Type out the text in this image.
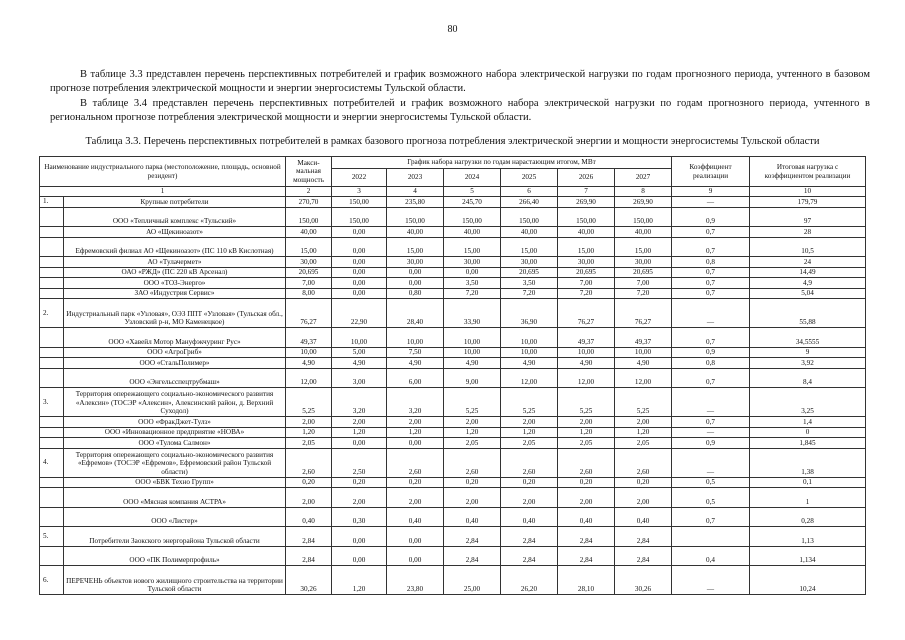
80
В таблице 3.3 представлен перечень перспективных потребителей и график возможного набора электрической нагрузки по годам прогнозного периода, учтенного в базовом прогнозе потребления электрической мощности и энергии энергосистемы Тульской области.
В таблице 3.4 представлен перечень перспективных потребителей и график возможного набора электрической нагрузки по годам прогнозного периода, учтенного в региональном прогнозе потребления электрической мощности и энергии энергосистемы Тульской области.
Таблица 3.3. Перечень перспективных потребителей в рамках базового прогноза потребления электрической энергии и мощности энергосистемы Тульской области
Наименование индустриального парка (местоположение, площадь, основной резидент)		Макси-мальная мощность	График набора нагрузки по годам нарастающим итогом, МВт						Коэффициент реализации	Итоговая нагрузка с коэффициентом реализации
			2022	2023	2024	2025	2026	2027		
1		2	3	4	5	6	7	8	9	10
1.	Крупные потребители	270,70	150,00	235,80	245,70	266,40	269,90	269,90	—	179,79
	ООО «Тепличный комплекс «Тульский»	150,00	150,00	150,00	150,00	150,00	150,00	150,00	0,9	97
	АО «Щекиноазот»	40,00	0,00	40,00	40,00	40,00	40,00	40,00	0,7	28
	Ефремовский филиал АО «Щекиноазот» (ПС 110 кВ Кислотная)	15,00	0,00	15,00	15,00	15,00	15,00	15,00	0,7	10,5
	АО «Тулачермет»	30,00	0,00	30,00	30,00	30,00	30,00	30,00	0,8	24
	ОАО «РЖД» (ПС 220 кВ Арсенал)	20,695	0,00	0,00	0,00	20,695	20,695	20,695	0,7	14,49
	ООО «ТОЗ-Энерго»	7,00	0,00	0,00	3,50	3,50	7,00	7,00	0,7	4,9
	ЗАО «Индустрия Сервис»	8,00	0,00	0,80	7,20	7,20	7,20	7,20	0,7	5,04
2.	Индустриальный парк «Узловая», ОЭЗ ППТ «Узловая» (Тульская обл., Узловский р-н, МО Каменецкое)	76,27	22,90	28,40	33,90	36,90	76,27	76,27	—	55,88
	ООО «Хавейл Мотор Мануфэкчуринг Рус»	49,37	10,00	10,00	10,00	10,00	49,37	49,37	0,7	34,5555
	ООО «АгроГриб»	10,00	5,00	7,50	10,00	10,00	10,00	10,00	0,9	9
	ООО «СтальПолимер»	4,90	4,90	4,90	4,90	4,90	4,90	4,90	0,8	3,92
	ООО «Энгельсспецтрубмаш»	12,00	3,00	6,00	9,00	12,00	12,00	12,00	0,7	8,4
3.	Территория опережающего социально-экономического развития «Алексин» (ТОСЭР «Алексин», Алексинский район, д. Верхний Суходол)	5,25	3,20	3,20	5,25	5,25	5,25	5,25	—	3,25
	ООО «ФракДжет-Тулз»	2,00	2,00	2,00	2,00	2,00	2,00	2,00	0,7	1,4
	ООО «Инновационное предприятие «НОВА»	1,20	1,20	1,20	1,20	1,20	1,20	1,20	—	0
	ООО «Тулома Салмон»	2,05	0,00	0,00	2,05	2,05	2,05	2,05	0,9	1,845
4.	Территория опережающего социально-экономического развития «Ефремов» (ТОСЭР «Ефремов», Ефремовский район Тульской области)	2,60	2,50	2,60	2,60	2,60	2,60	2,60	—	1,38
	ООО «БВК Техно Групп»	0,20	0,20	0,20	0,20	0,20	0,20	0,20	0,5	0,1
	ООО «Мясная компания АСТРА»	2,00	2,00	2,00	2,00	2,00	2,00	2,00	0,5	1
	ООО «Листер»	0,40	0,30	0,40	0,40	0,40	0,40	0,40	0,7	0,28
5.	Потребители Заокского энергорайона Тульской области	2,84	0,00	0,00	2,84	2,84	2,84	2,84		1,13
	ООО «ПК Полимерпрофиль»	2,84	0,00	0,00	2,84	2,84	2,84	2,84	0,4	1,134
6.	ПЕРЕЧЕНЬ объектов нового жилищного строительства на территории Тульской области	30,26	1,20	23,80	25,00	26,20	28,10	30,26	—	10,24
